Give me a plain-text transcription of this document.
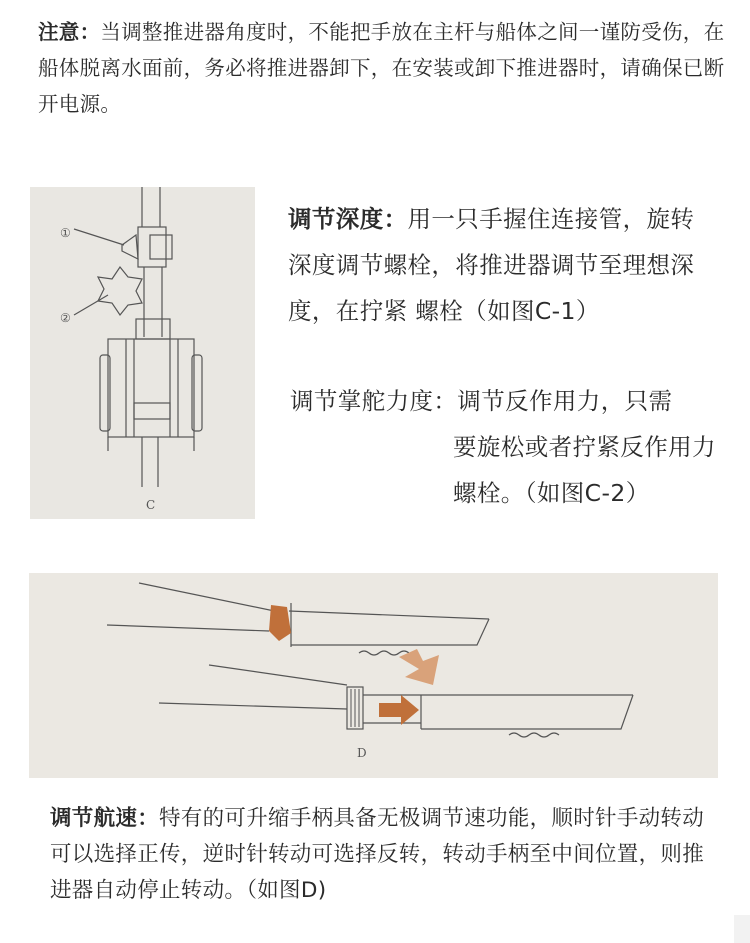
注意：当调整推进器角度时，不能把手放在主杆与船体之间一谨防受伤，在船体脱离水面前，务必将推进器卸下，在安装或卸下推进器时，请确保已断开电源。
①
②
C
调节深度：用一只手握住连接管，旋转深度调节螺栓，将推进器调节至理想深度，在拧紧 螺栓（如图C-1）
调节掌舵力度：调节反作用力，只需
要旋松或者拧紧反作用力螺栓。（如图C-2）
D
调节航速：特有的可升缩手柄具备无极调节速功能，顺时针手动转动可以选择正传，逆时针转动可选择反转，转动手柄至中间位置，则推进器自动停止转动。（如图D)
